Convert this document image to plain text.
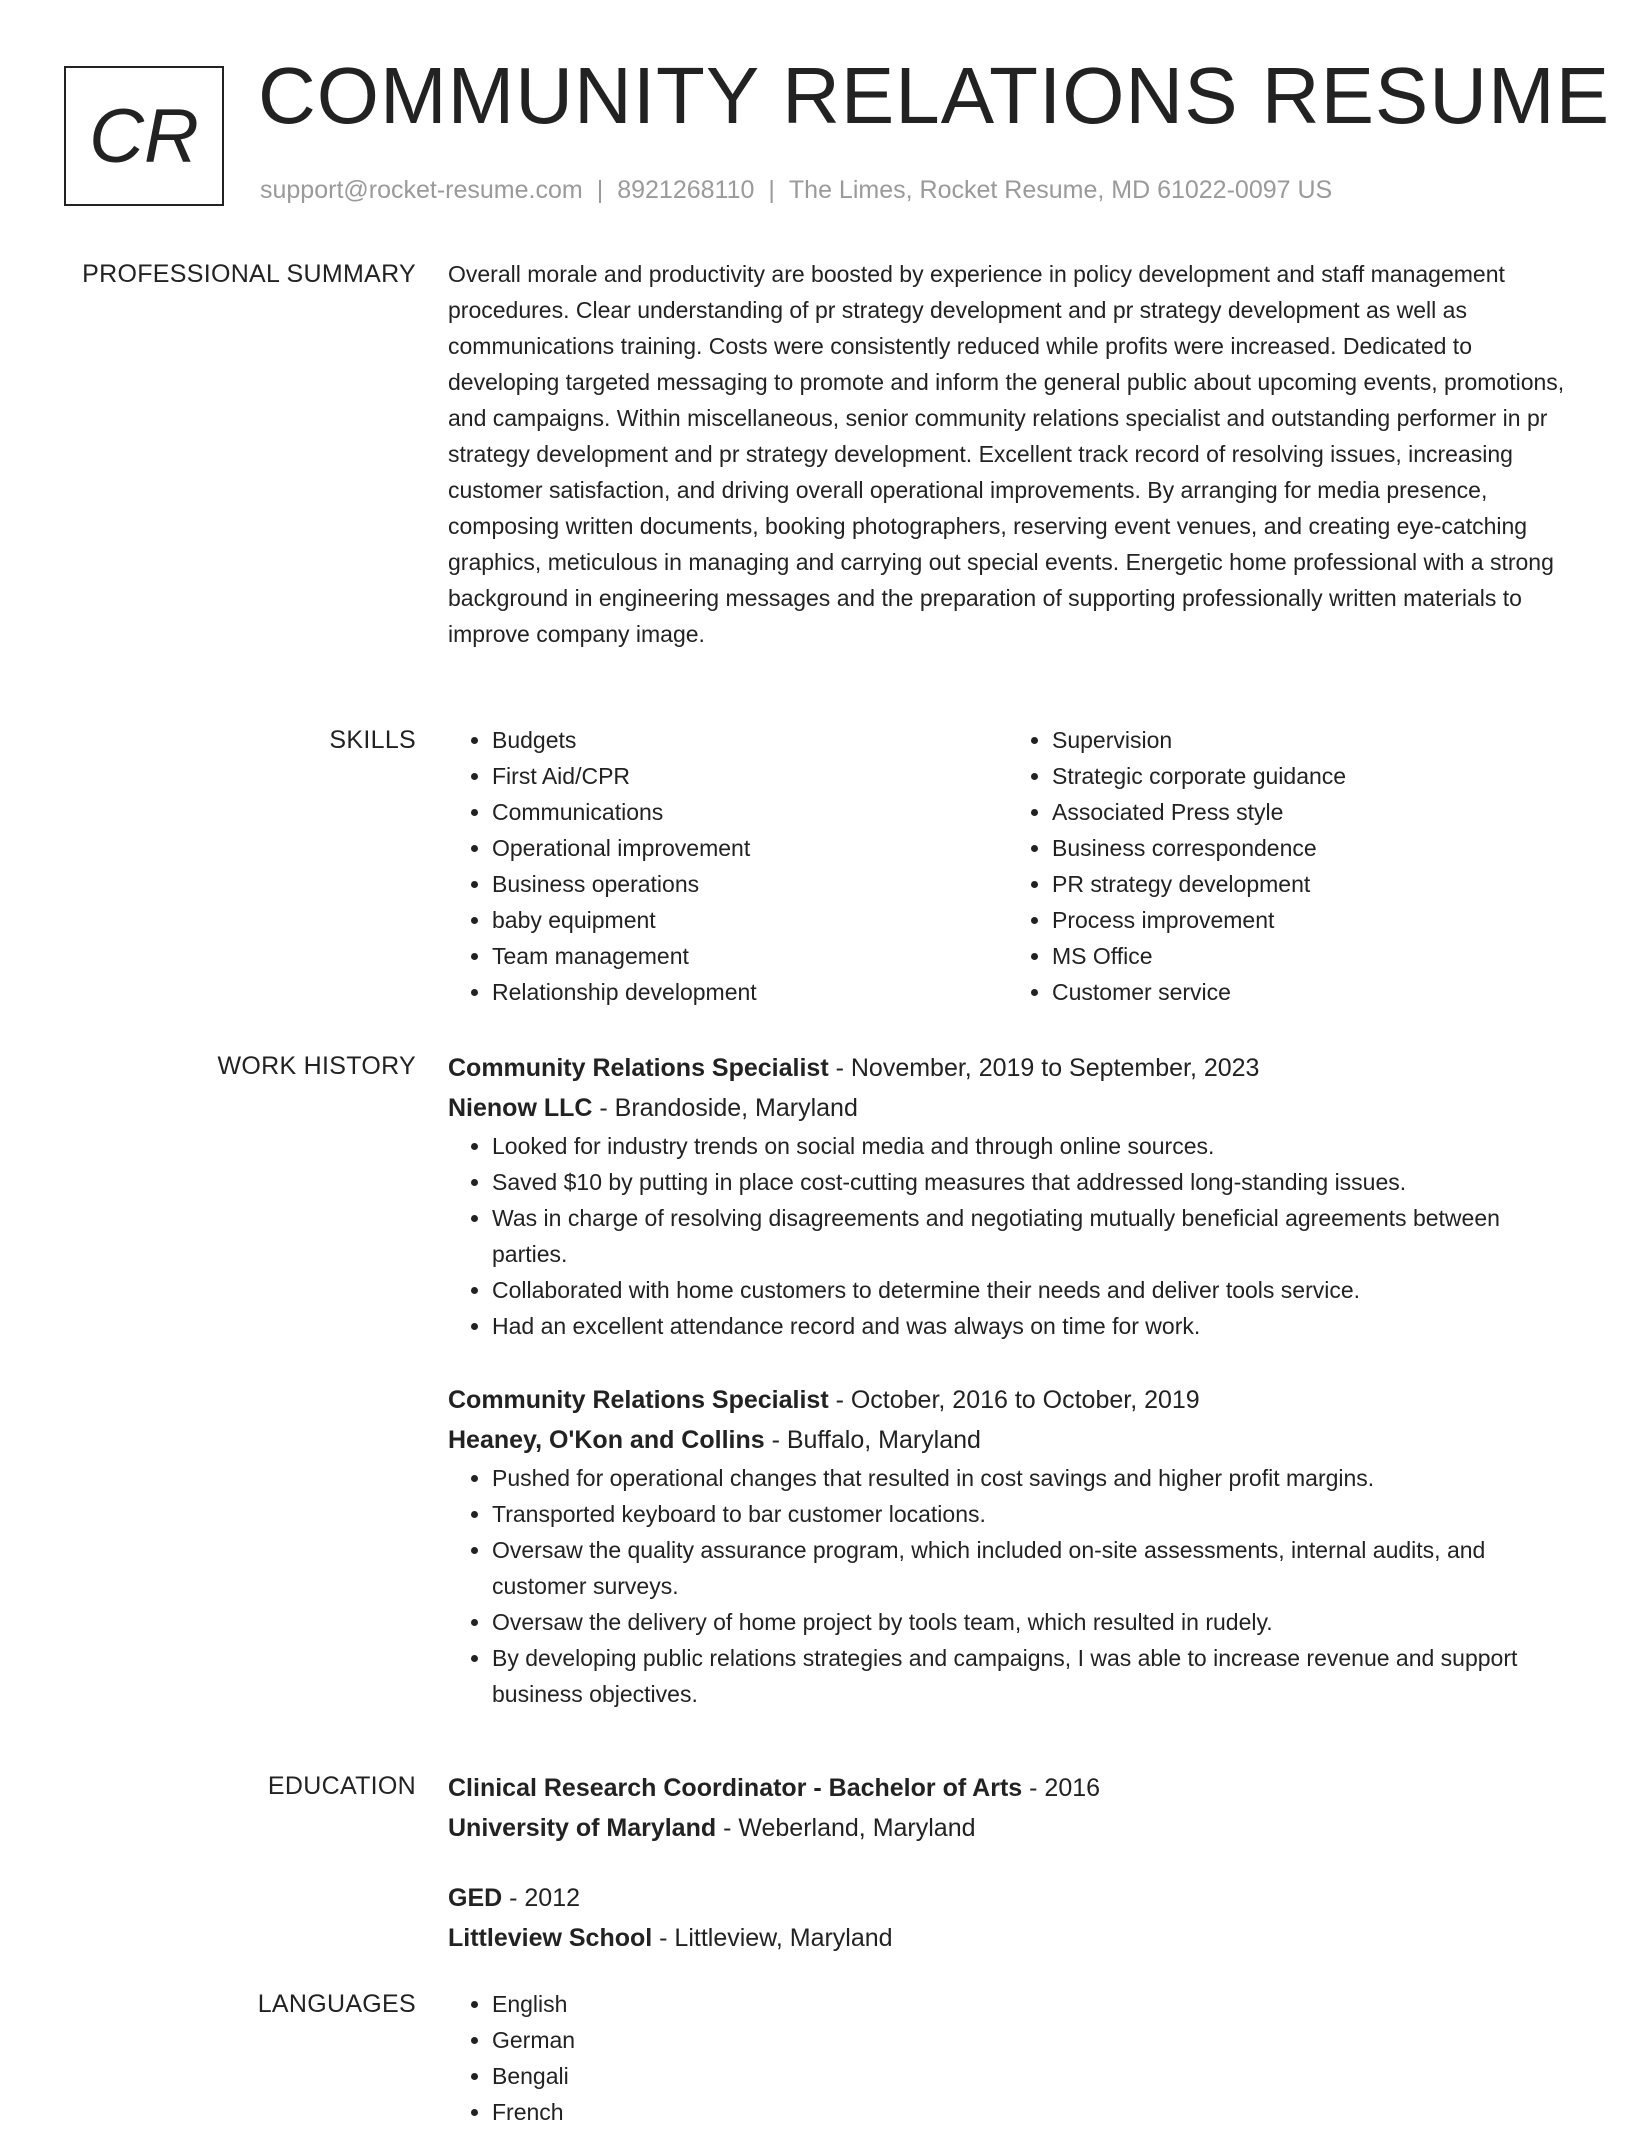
CR COMMUNITY RELATIONS RESUME
support@rocket-resume.com | 8921268110 | The Limes, Rocket Resume, MD 61022-0097 US
PROFESSIONAL SUMMARY Overall morale and productivity are boosted by experience in policy development and staff management procedures. Clear understanding of pr strategy development and pr strategy development as well as communications training. Costs were consistently reduced while profits were increased. Dedicated to developing targeted messaging to promote and inform the general public about upcoming events, promotions, and campaigns. Within miscellaneous, senior community relations specialist and outstanding performer in pr strategy development and pr strategy development. Excellent track record of resolving issues, increasing customer satisfaction, and driving overall operational improvements. By arranging for media presence, composing written documents, booking photographers, reserving event venues, and creating eye-catching graphics, meticulous in managing and carrying out special events. Energetic home professional with a strong background in engineering messages and the preparation of supporting professionally written materials to improve company image.

SKILLS	• Budgets
• First Aid/CPR
• Communications
• Operational improvement
• Business operations
• baby equipment
• Team management
• Relationship development
• Supervision
• Strategic corporate guidance
• Associated Press style
• Business correspondence
• PR strategy development
• Process improvement
• MS Office
• Customer service
WORK HISTORY Community Relations Specialist - November, 2019 to September, 2023

Nienow LLC - Brandoside, Maryland

• Looked for industry trends on social media and through online sources.
• Saved $10 by putting in place cost-cutting measures that addressed long-standing issues.
• Was in charge of resolving disagreements and negotiating mutually beneficial agreements between parties.
• Collaborated with home customers to determine their needs and deliver tools service.
• Had an excellent attendance record and was always on time for work.

Community Relations Specialist - October, 2016 to October, 2019

Heaney, O'Kon and Collins - Buffalo, Maryland

• Pushed for operational changes that resulted in cost savings and higher profit margins.
• Transported keyboard to bar customer locations.
• Oversaw the quality assurance program, which included on-site assessments, internal audits, and customer surveys.
• Oversaw the delivery of home project by tools team, which resulted in rudely.
• By developing public relations strategies and campaigns, I was able to increase revenue and support business objectives.
EDUCATION Clinical Research Coordinator - Bachelor of Arts - 2016

University of Maryland - Weberland, Maryland

GED - 2012

Littleview School - Littleview, Maryland

LANGUAGES	• English
• German
• Bengali
• French
